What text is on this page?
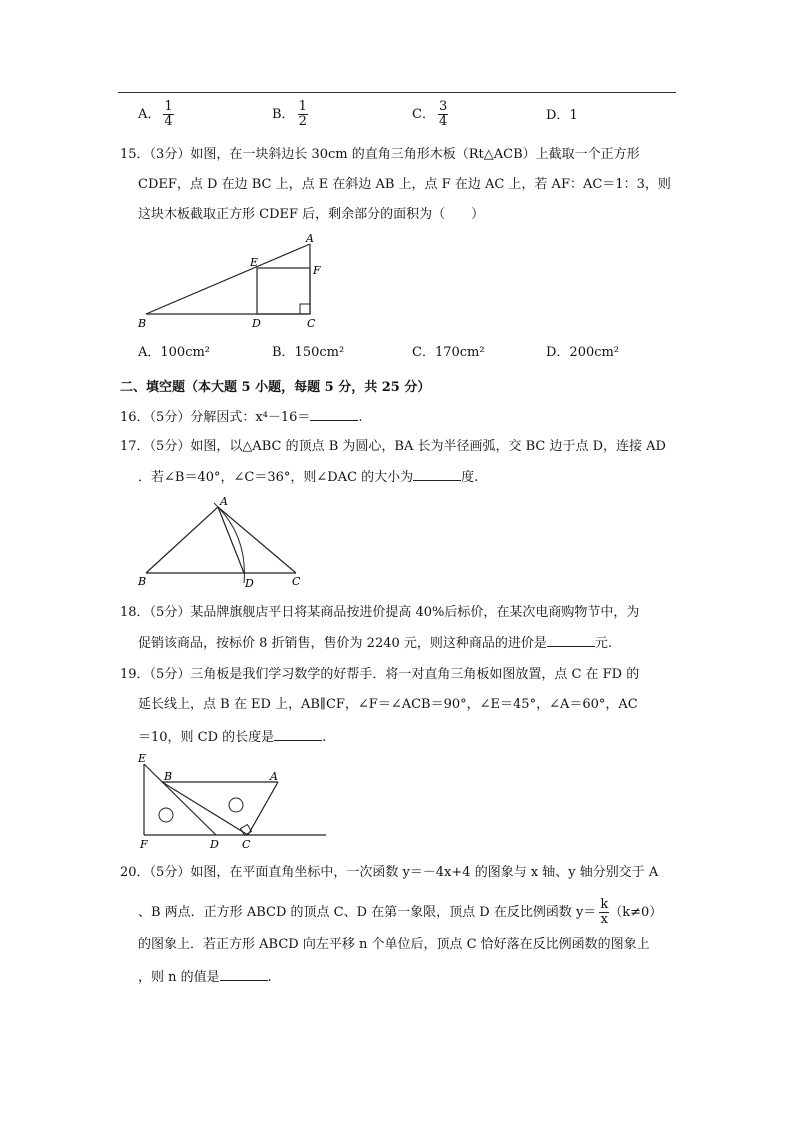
A． $\frac{1}{4}$	B． $\frac{1}{2}$	C． $\frac{3}{4}$	D．1
15．（3分）如图，在一块斜边长 30cm 的直角三角形木板（Rt△ACB）上截取一个正方形
CDEF，点 D 在边 BC 上，点 E 在斜边 AB 上，点 F 在边 AC 上，若 AF：AC＝1：3，则
这块木板截取正方形 CDEF 后，剩余部分的面积为（　　）
A
E
F
B	D	C
A．100cm²	B．150cm²	C．170cm²	D．200cm²
二、填空题（本大题 5 小题，每题 5 分，共 25 分）
16．（5分）分解因式：x⁴－16＝	.
17．（5分）如图，以△ABC 的顶点 B 为圆心，BA 长为半径画弧，交 BC 边于点 D，连接 AD
．若∠B＝40°，∠C＝36°，则∠DAC 的大小为	度.
A
B	D	C
18．（5分）某品牌旗舰店平日将某商品按进价提高 40%后标价，在某次电商购物节中，为
促销该商品，按标价 8 折销售，售价为 2240 元，则这种商品的进价是	元.
19．（5分）三角板是我们学习数学的好帮手．将一对直角三角板如图放置，点 C 在 FD 的
延长线上，点 B 在 ED 上，AB∥CF，∠F＝∠ACB＝90°，∠E＝45°，∠A＝60°，AC
＝10，则 CD 的长度是	.
E
B	A
F	D C
20．（5分）如图，在平面直角坐标中，一次函数 y＝－4x+4 的图象与 x 轴、y 轴分别交于 A
、B 两点．正方形 ABCD 的顶点 C、D 在第一象限，顶点 D 在反比例函数 $y= \frac{k}{x} (k\ne 0)$
的图象上．若正方形 ABCD 向左平移 n 个单位后，顶点 C 恰好落在反比例函数的图象上
，则 n 的值是	.
